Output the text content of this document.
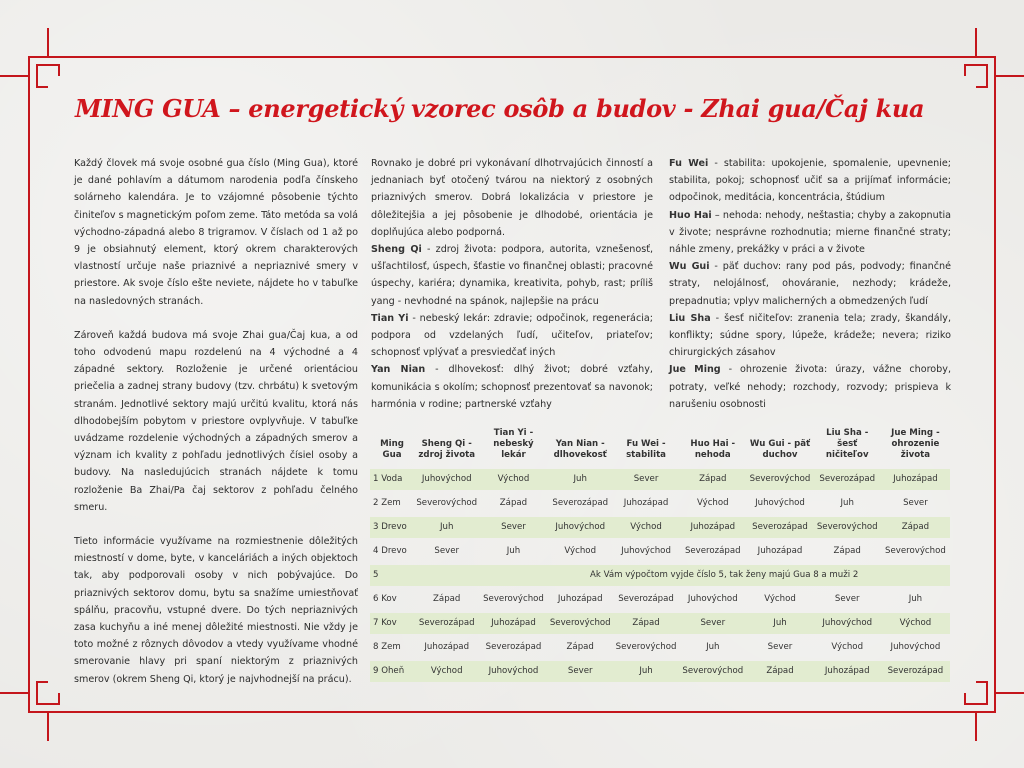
MING GUA – energetický vzorec osôb a budov - Zhai gua/Čaj kua

Každý človek má svoje osobné gua číslo (Ming Gua), ktoré je dané pohlavím a dátumom narodenia podľa čínskeho solárneho kalendára. Je to vzájomné pôsobenie týchto činiteľov s magnetickým poľom zeme. Táto metóda sa volá východno-západná alebo 8 trigramov. V číslach od 1 až po 9 je obsiahnutý element, ktorý okrem charakterových vlastností určuje naše priaznivé a nepriaznivé smery v priestore. Ak svoje číslo ešte neviete, nájdete ho v tabuľke na nasledovných stranách.

Zároveň každá budova má svoje Zhai gua/Čaj kua, a od toho odvodenú mapu rozdelenú na 4 východné a 4 západné sektory. Rozloženie je určené orientáciou priečelia a zadnej strany budovy (tzv. chrbátu) k svetovým stranám. Jednotlivé sektory majú určitú kvalitu, ktorá nás dlhodobejším pobytom v priestore ovplyvňuje. V tabuľke uvádzame rozdelenie východných a západných smerov a význam ich kvality z pohľadu jednotlivých čísiel osoby a budovy. Na nasledujúcich stranách nájdete k tomu rozloženie Ba Zhai/Pa čaj sektorov z pohľadu čelného smeru.

Tieto informácie využívame na rozmiestnenie dôležitých miestností v dome, byte, v kanceláriách a iných objektoch tak, aby podporovali osoby v nich pobývajúce. Do priaznivých sektorov domu, bytu sa snažíme umiestňovať spálňu, pracovňu, vstupné dvere. Do tých nepriaznivých zasa kuchyňu a iné menej dôležité miestnosti. Nie vždy je toto možné z rôznych dôvodov a vtedy využívame vhodné smerovanie hlavy pri spaní niektorým z priaznivých smerov (okrem Sheng Qi, ktorý je najvhodnejší na prácu).

Rovnako je dobré pri vykonávaní dlhotrvajúcich činností a jednaniach byť otočený tvárou na niektorý z osobných priaznivých smerov. Dobrá lokalizácia v priestore je dôležitejšia a jej pôsobenie je dlhodobé, orientácia je doplňujúca alebo podporná.

Sheng Qi - zdroj života: podpora, autorita, vznešenosť, ušľachtilosť, úspech, šťastie vo finančnej oblasti; pracovné úspechy, kariéra; dynamika, kreativita, pohyb, rast; príliš yang - nevhodné na spánok, najlepšie na prácu

Tian Yi - nebeský lekár: zdravie; odpočinok, regenerácia; podpora od vzdelaných ľudí, učiteľov, priateľov; schopnosť vplývať a presviedčať iných

Yan Nian - dlhovekosť: dlhý život; dobré vzťahy, komunikácia s okolím; schopnosť prezentovať sa navonok; harmónia v rodine; partnerské vzťahy

Fu Wei - stabilita: upokojenie, spomalenie, upevnenie; stabilita, pokoj; schopnosť učiť sa a prijímať informácie; odpočinok, meditácia, koncentrácia, štúdium

Huo Hai – nehoda: nehody, neštastia; chyby a zakopnutia v živote; nesprávne rozhodnutia; mierne finančné straty; náhle zmeny, prekážky v práci a v živote

Wu Gui - päť duchov: rany pod pás, podvody; finančné straty, nelojálnosť, ohováranie, nezhody; krádeže, prepadnutia; vplyv malicherných a obmedzených ľudí

Liu Sha - šesť ničiteľov: zranenia tela; zrady, škandály, konflikty; súdne spory, lúpeže, krádeže; nevera; riziko chirurgických zásahov

Jue Ming - ohrozenie života: úrazy, vážne choroby, potraty, veľké nehody; rozchody, rozvody; prispieva k narušeniu osobnosti

Ming Gua	Sheng Qi - zdroj života	Tian Yi - nebeský lekár	Yan Nian - dlhovekosť	Fu Wei - stabilita	Huo Hai - nehoda	Wu Gui - päť duchov	Liu Sha - šesť ničiteľov	Jue Ming - ohrozenie života
1 Voda	Juhovýchod	Východ	Juh	Sever	Západ	Severovýchod	Severozápad	Juhozápad
2 Zem	Severovýchod	Západ	Severozápad	Juhozápad	Východ	Juhovýchod	Juh	Sever
3 Drevo	Juh	Sever	Juhovýchod	Východ	Juhozápad	Severozápad	Severovýchod	Západ
4 Drevo	Sever	Juh	Východ	Juhovýchod	Severozápad	Juhozápad	Západ	Severovýchod
5	Ak Vám výpočtom vyjde číslo 5, tak ženy majú Gua 8 a muži 2							
6 Kov	Západ	Severovýchod	Juhozápad	Severozápad	Juhovýchod	Východ	Sever	Juh
7 Kov	Severozápad	Juhozápad	Severovýchod	Západ	Sever	Juh	Juhovýchod	Východ
8 Zem	Juhozápad	Severozápad	Západ	Severovýchod	Juh	Sever	Východ	Juhovýchod
9 Oheň	Východ	Juhovýchod	Sever	Juh	Severovýchod	Západ	Juhozápad	Severozápad
